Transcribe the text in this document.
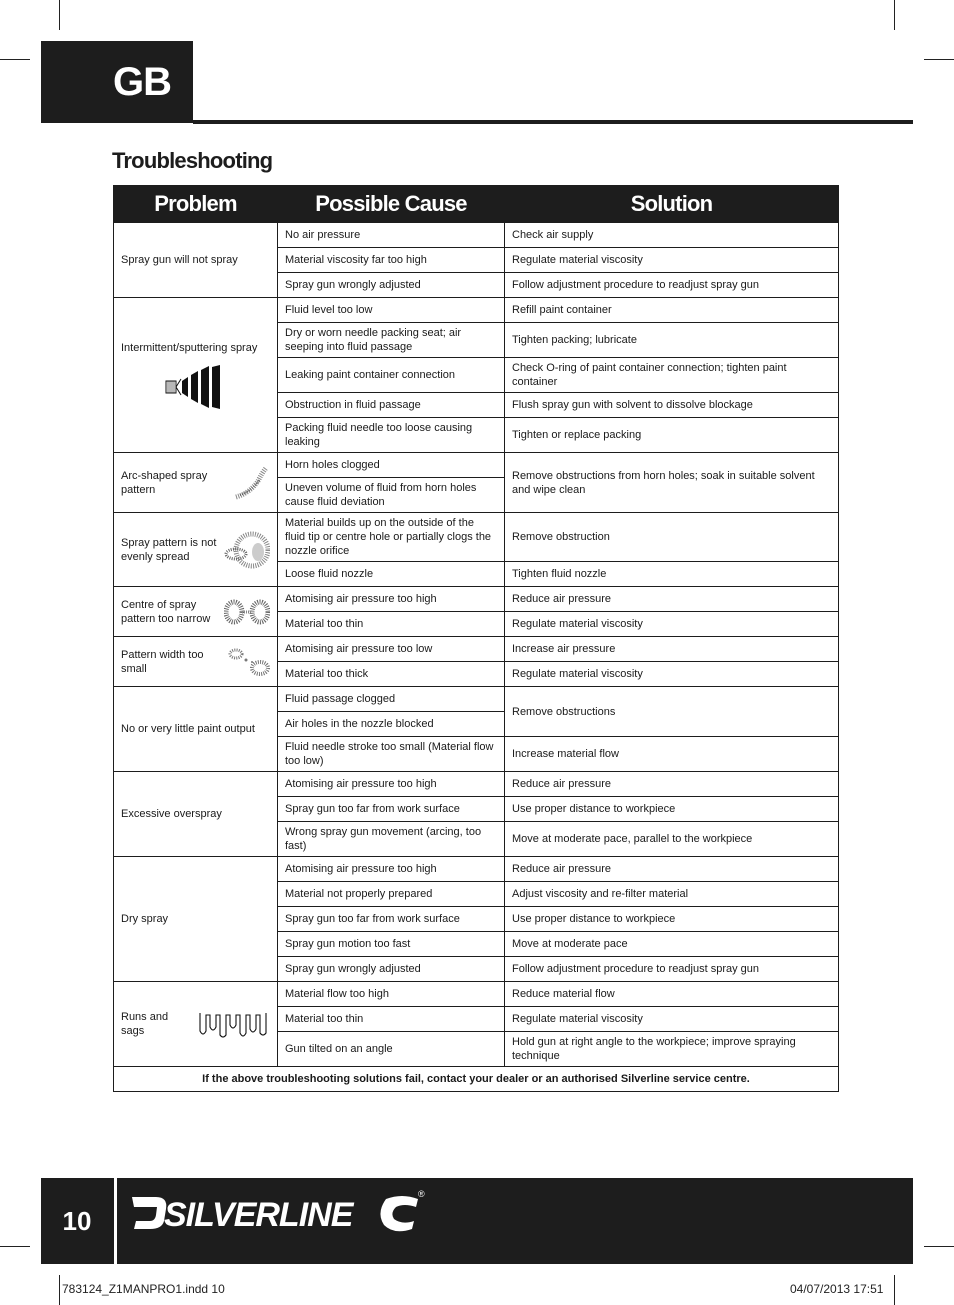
GB
Troubleshooting
Problem	Possible Cause	Solution

Spray gun will not spray	No air pressure	Check air supply
	Material viscosity far too high	Regulate material viscosity
	Spray gun wrongly adjusted	Follow adjustment procedure to readjust spray gun

Intermittent/sputtering spray	Fluid level too low	Refill paint container
	Dry or worn needle packing seat; air seeping into fluid passage	Tighten packing; lubricate
	Leaking paint container connection	Check O-ring of paint container connection; tighten paint container
	Obstruction in fluid passage	Flush spray gun with solvent to dissolve blockage
	Packing fluid needle too loose causing leaking	Tighten or replace packing

Arc-shaped spray pattern	Horn holes clogged	Remove obstructions from horn holes; soak in suitable solvent and wipe clean
	Uneven volume of fluid from horn holes cause fluid deviation	

Spray pattern is not evenly spread	Material builds up on the outside of the fluid tip or centre hole or partially clogs the nozzle orifice	Remove obstruction
	Loose fluid nozzle	Tighten fluid nozzle

Centre of spray pattern too narrow	Atomising air pressure too high	Reduce air pressure
	Material too thin	Regulate material viscosity

Pattern width too small	Atomising air pressure too low	Increase air pressure
	Material too thick	Regulate material viscosity

No or very little paint output	Fluid passage clogged	Remove obstructions
	Air holes in the nozzle blocked	
	Fluid needle stroke too small (Material flow too low)	Increase material flow

Excessive overspray	Atomising air pressure too high	Reduce air pressure
	Spray gun too far from work surface	Use proper distance to workpiece
	Wrong spray gun movement (arcing, too fast)	Move at moderate pace, parallel to the workpiece

Dry spray	Atomising air pressure too high	Reduce air pressure
	Material not properly prepared	Adjust viscosity and re-filter material
	Spray gun too far from work surface	Use proper distance to workpiece
	Spray gun motion too fast	Move at moderate pace
	Spray gun wrongly adjusted	Follow adjustment procedure to readjust spray gun

Runs and sags	Material flow too high	Reduce material flow
	Material too thin	Regulate material viscosity
	Gun tilted on an angle	Hold gun at right angle to the workpiece; improve spraying technique
If the above troubleshooting solutions fail, contact your dealer or an authorised Silverline service centre.		
10	SILVERLINE
®
783124_Z1MANPRO1.indd 10	04/07/2013 17:51
